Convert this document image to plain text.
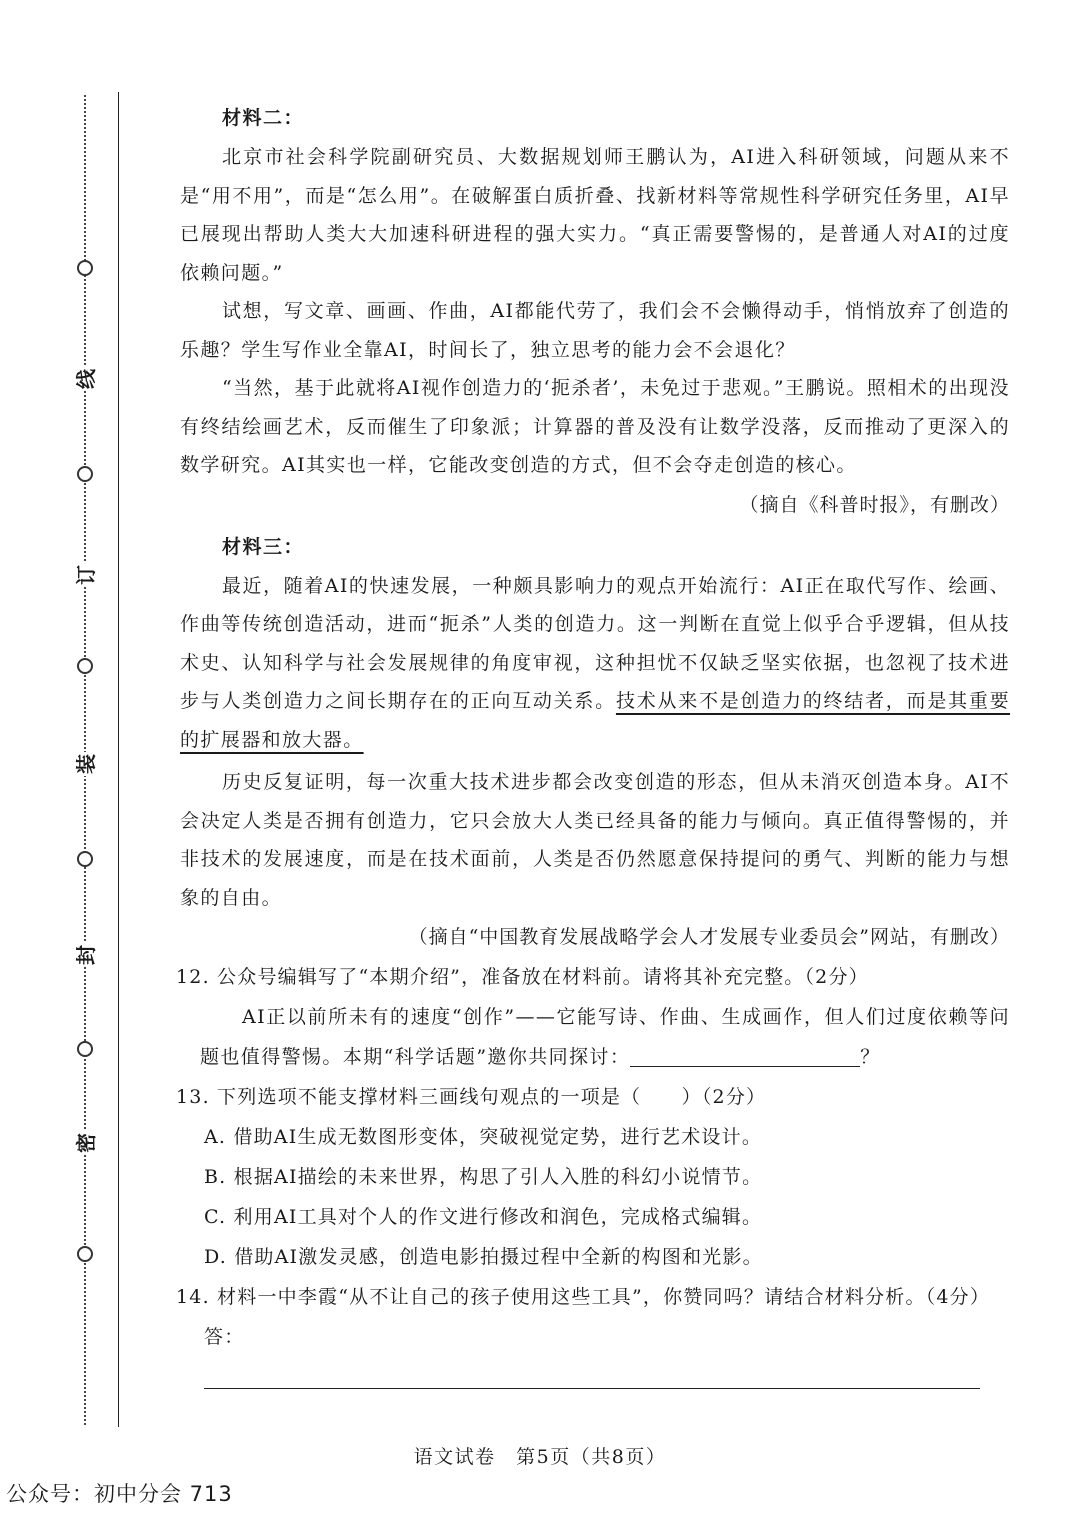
线
订
装
封
密

材料二：

北京市社会科学院副研究员、大数据规划师王鹏认为，AI进入科研领域，问题从来不是“用不用”，而是“怎么用”。在破解蛋白质折叠、找新材料等常规性科学研究任务里，AI早已展现出帮助人类大大加速科研进程的强大实力。“真正需要警惕的，是普通人对AI的过度依赖问题。”

试想，写文章、画画、作曲，AI都能代劳了，我们会不会懒得动手，悄悄放弃了创造的乐趣？学生写作业全靠AI，时间长了，独立思考的能力会不会退化？

“当然，基于此就将AI视作创造力的‘扼杀者’，未免过于悲观。”王鹏说。照相术的出现没有终结绘画艺术，反而催生了印象派；计算器的普及没有让数学没落，反而推动了更深入的数学研究。AI其实也一样，它能改变创造的方式，但不会夺走创造的核心。

（摘自《科普时报》，有删改）

材料三：

最近，随着AI的快速发展，一种颇具影响力的观点开始流行：AI正在取代写作、绘画、作曲等传统创造活动，进而“扼杀”人类的创造力。这一判断在直觉上似乎合乎逻辑，但从技术史、认知科学与社会发展规律的角度审视，这种担忧不仅缺乏坚实依据，也忽视了技术进步与人类创造力之间长期存在的正向互动关系。技术从来不是创造力的终结者，而是其重要的扩展器和放大器。

历史反复证明，每一次重大技术进步都会改变创造的形态，但从未消灭创造本身。AI不会决定人类是否拥有创造力，它只会放大人类已经具备的能力与倾向。真正值得警惕的，并非技术的发展速度，而是在技术面前，人类是否仍然愿意保持提问的勇气、判断的能力与想象的自由。

（摘自“中国教育发展战略学会人才发展专业委员会”网站，有删改）

12. 公众号编辑写了“本期介绍”，准备放在材料前。请将其补充完整。（2分）

AI正以前所未有的速度“创作”——它能写诗、作曲、生成画作，但人们过度依赖等问题也值得警惕。本期“科学话题”邀你共同探讨：	？

13. 下列选项不能支撑材料三画线句观点的一项是（　　）（2分）

A. 借助AI生成无数图形变体，突破视觉定势，进行艺术设计。

B. 根据AI描绘的未来世界，构思了引人入胜的科幻小说情节。

C. 利用AI工具对个人的作文进行修改和润色，完成格式编辑。

D. 借助AI激发灵感，创造电影拍摄过程中全新的构图和光影。

14. 材料一中李霞“从不让自己的孩子使用这些工具”，你赞同吗？请结合材料分析。（4分）

答：

语文试卷　第5页（共8页）
公众号：初中分会 713
